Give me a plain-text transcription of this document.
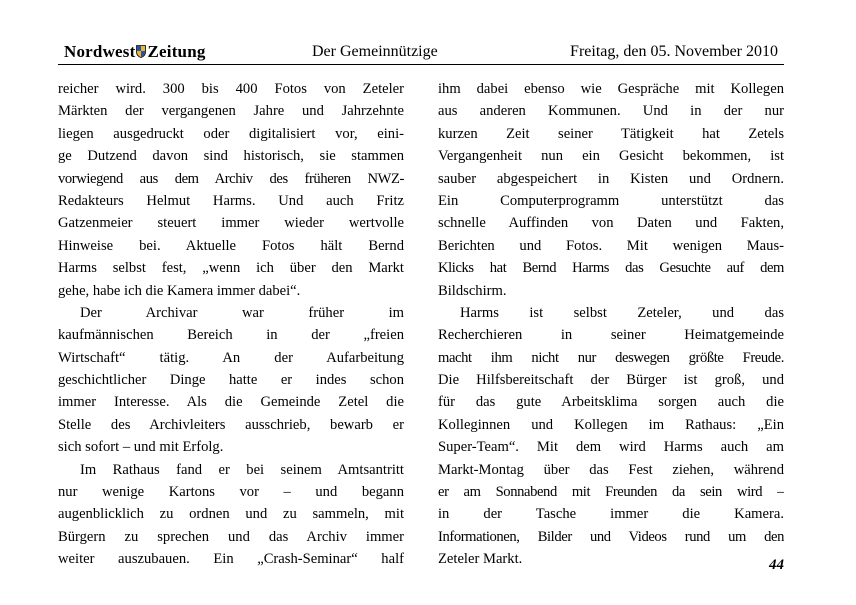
Nordwest Zeitung	Der Gemeinnützige	Freitag, den 05. November 2010
reicher wird. 300 bis 400 Fotos von Zeteler
Märkten der vergangenen Jahre und Jahrzehnte
liegen ausgedruckt oder digitalisiert vor, eini-
ge Dutzend davon sind historisch, sie stammen
vorwiegend aus dem Archiv des früheren NWZ-
Redakteurs Helmut Harms. Und auch Fritz
Gatzenmeier steuert immer wieder wertvolle
Hinweise bei. Aktuelle Fotos hält Bernd
Harms selbst fest, „wenn ich über den Markt
gehe, habe ich die Kamera immer dabei“.
Der Archivar war früher im
kaufmännischen Bereich in der „freien
Wirtschaft“ tätig. An der Aufarbeitung
geschichtlicher Dinge hatte er indes schon
immer Interesse. Als die Gemeinde Zetel die
Stelle des Archivleiters ausschrieb, bewarb er
sich sofort – und mit Erfolg.
Im Rathaus fand er bei seinem Amtsantritt
nur wenige Kartons vor – und begann
augenblicklich zu ordnen und zu sammeln, mit
Bürgern zu sprechen und das Archiv immer
weiter auszubauen. Ein „Crash-Seminar“ half
ihm dabei ebenso wie Gespräche mit Kollegen
aus anderen Kommunen. Und in der nur
kurzen Zeit seiner Tätigkeit hat Zetels
Vergangenheit nun ein Gesicht bekommen, ist
sauber abgespeichert in Kisten und Ordnern.
Ein Computerprogramm unterstützt das
schnelle Auffinden von Daten und Fakten,
Berichten und Fotos. Mit wenigen Maus-
Klicks hat Bernd Harms das Gesuchte auf dem
Bildschirm.
Harms ist selbst Zeteler, und das
Recherchieren in seiner Heimatgemeinde
macht ihm nicht nur deswegen größte Freude.
Die Hilfsbereitschaft der Bürger ist groß, und
für das gute Arbeitsklima sorgen auch die
Kolleginnen und Kollegen im Rathaus: „Ein
Super-Team“. Mit dem wird Harms auch am
Markt-Montag über das Fest ziehen, während
er am Sonnabend mit Freunden da sein wird –
in der Tasche immer die Kamera.
Informationen, Bilder und Videos rund um den
Zeteler Markt.	44
